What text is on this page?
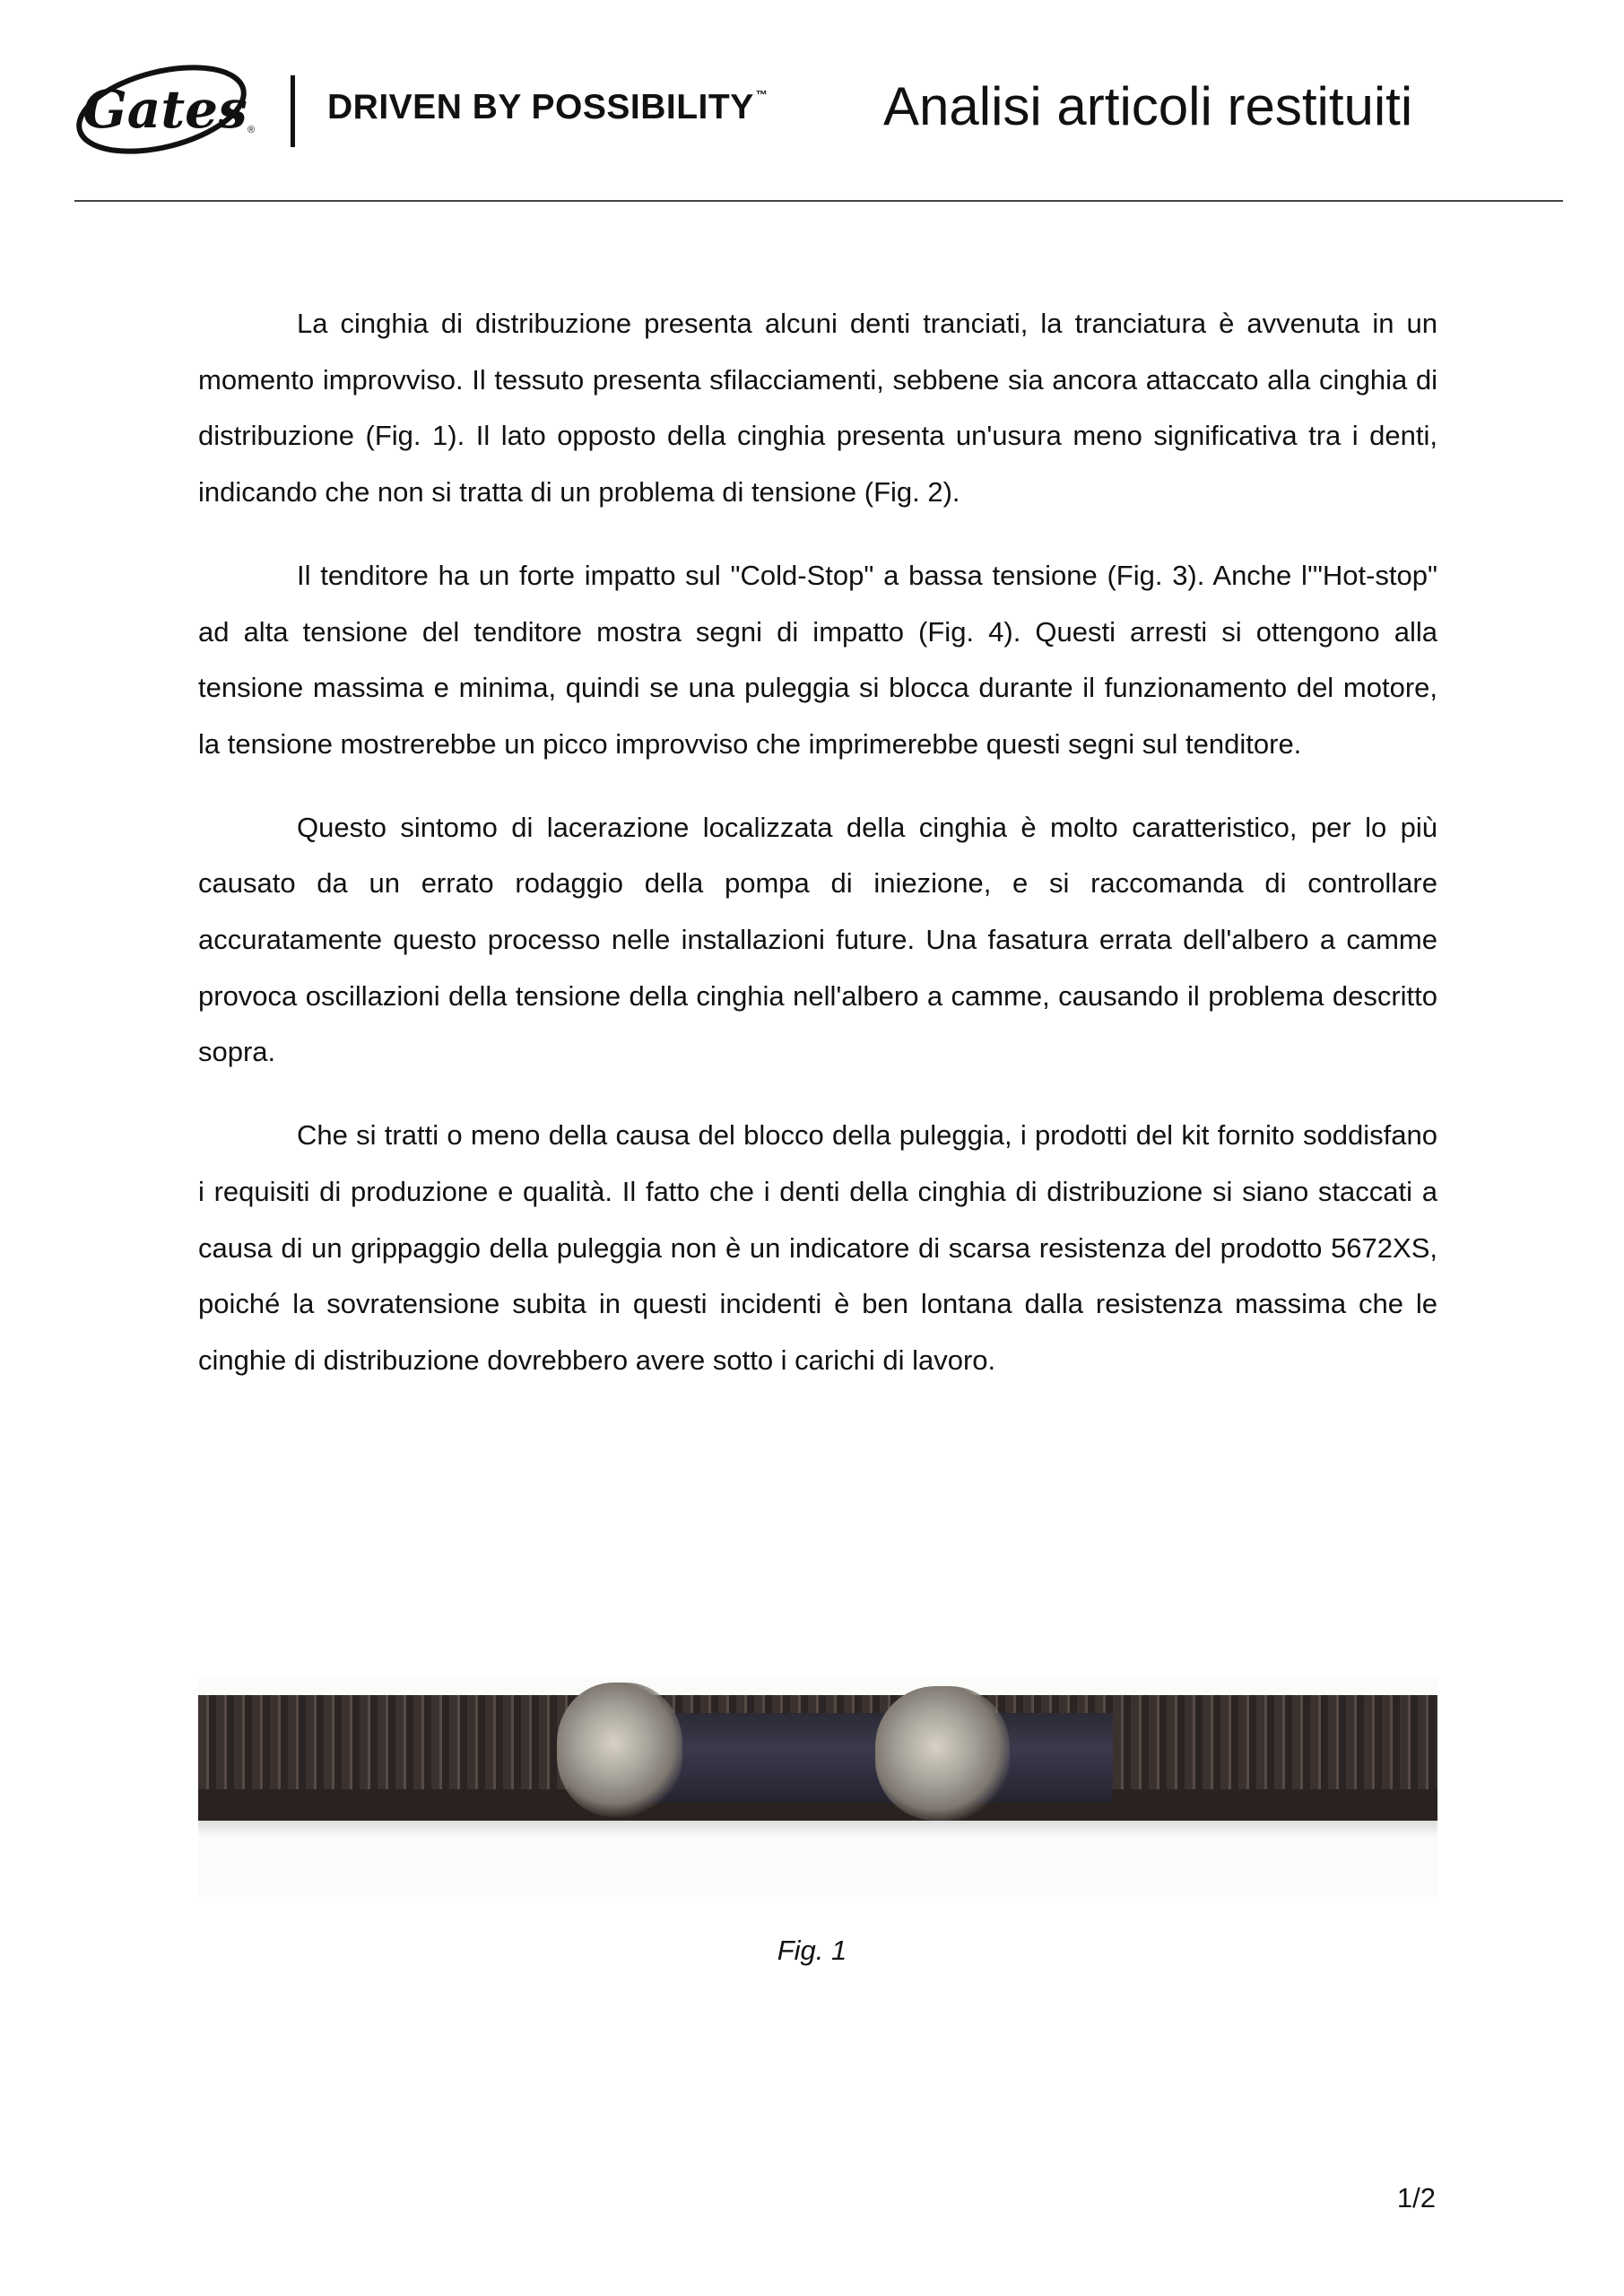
Gates ®
DRIVEN BY POSSIBILITY ™ Analisi articoli restituiti

La cinghia di distribuzione presenta alcuni denti tranciati, la tranciatura è avvenuta in un momento improvviso. Il tessuto presenta sfilacciamenti, sebbene sia ancora attaccato alla cinghia di distribuzione (Fig. 1). Il lato opposto della cinghia presenta un'usura meno significativa tra i denti, indicando che non si tratta di un problema di tensione (Fig. 2).

Il tenditore ha un forte impatto sul "Cold-Stop" a bassa tensione (Fig. 3). Anche l'"Hot-stop" ad alta tensione del tenditore mostra segni di impatto (Fig. 4). Questi arresti si ottengono alla tensione massima e minima, quindi se una puleggia si blocca durante il funzionamento del motore, la tensione mostrerebbe un picco improvviso che imprimerebbe questi segni sul tenditore.

Questo sintomo di lacerazione localizzata della cinghia è molto caratteristico, per lo più causato da un errato rodaggio della pompa di iniezione, e si raccomanda di controllare accuratamente questo processo nelle installazioni future. Una fasatura errata dell'albero a camme provoca oscillazioni della tensione della cinghia nell'albero a camme, causando il problema descritto sopra.

Che si tratti o meno della causa del blocco della puleggia, i prodotti del kit fornito soddisfano i requisiti di produzione e qualità. Il fatto che i denti della cinghia di distribuzione si siano staccati a causa di un grippaggio della puleggia non è un indicatore di scarsa resistenza del prodotto 5672XS, poiché la sovratensione subita in questi incidenti è ben lontana dalla resistenza massima che le cinghie di distribuzione dovrebbero avere sotto i carichi di lavoro.

Fig. 1
1/2
